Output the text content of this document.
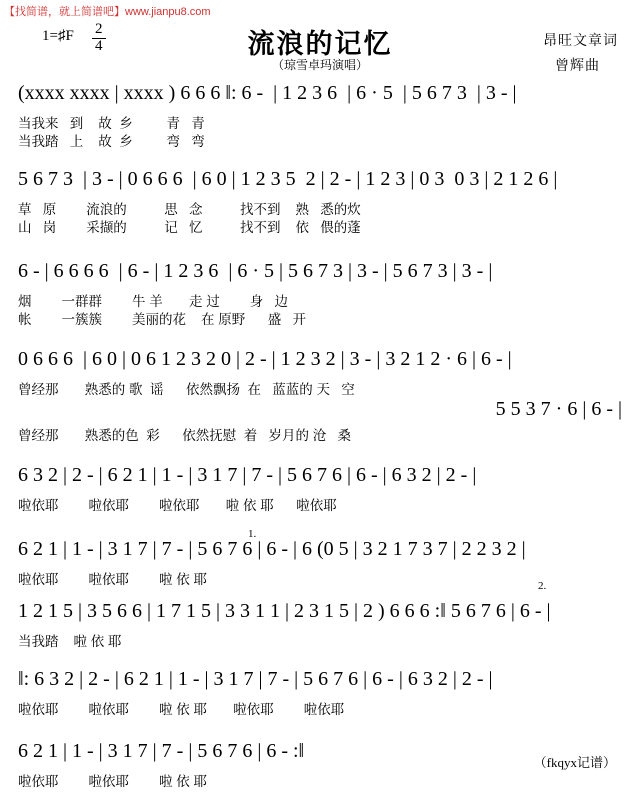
【找简谱，就上简谱吧】www.jianpu8.com
1=♯F $\frac{2}{4}$	流浪的记忆
（琼雪卓玛演唱）
昂旺文章词
曾辉曲
(xxxx xxxx | xxxx ) 6 6 6 ‖: 6 -  | 1 2 3 6  | 6 · 5  | 5 6 7 3  | 3 - |
当我来   到    故  乡         青   青
当我踏   上    故  乡         弯   弯
5 6 7 3  | 3 - | 0 6 6 6  | 6 0 | 1 2 3 5  2 | 2 - | 1 2 3 | 0 3  0 3 | 2 1 2 6 |
草   原        流浪的          思   念          找不到    熟   悉的炊
山   岗        采撷的          记   忆          找不到    依   偎的蓬
6 - | 6 6 6 6  | 6 - | 1 2 3 6  | 6 · 5 | 5 6 7 3 | 3 - | 5 6 7 3 | 3 - |
烟        一群群        牛 羊       走 过        身   边
帐        一簇簇        美丽的花    在 原野      盛   开
0 6 6 6  | 6 0 | 0 6 1 2 3 2 0 | 2 - | 1 2 3 2 | 3 - | 3 2 1 2 · 6 | 6 - |
曾经那       熟悉的 歌  谣      依然飘扬  在   蓝蓝的 天   空
5 5 3 7 · 6 | 6 - |
曾经那       熟悉的色  彩      依然抚慰  着   岁月的 沧   桑
6 3 2 | 2 - | 6 2 1 | 1 - | 3 1 7 | 7 - | 5 6 7 6 | 6 - | 6 3 2 | 2 - |
啦依耶        啦依耶        啦依耶       啦 依 耶      啦依耶
6 2 1 | 1 - | 3 1 7 | 7 - | 5 6 7 6 | 6 - | 6 (0 5 | 3 2 1 7 3 7 | 2 2 3 2 |
啦依耶        啦依耶        啦 依 耶
1 2 1 5 | 3 5 6 6 | 1 7 1 5 | 3 3 1 1 | 2 3 1 5 | 2 ) 6 6 6 :‖ 5 6 7 6 | 6 - |
当我踏    啦 依 耶
1.
2.
‖: 6 3 2 | 2 - | 6 2 1 | 1 - | 3 1 7 | 7 - | 5 6 7 6 | 6 - | 6 3 2 | 2 - |
啦依耶        啦依耶        啦 依 耶       啦依耶        啦依耶
6 2 1 | 1 - | 3 1 7 | 7 - | 5 6 7 6 | 6 - :‖
啦依耶        啦依耶        啦 依 耶
（fkqyx记谱）
